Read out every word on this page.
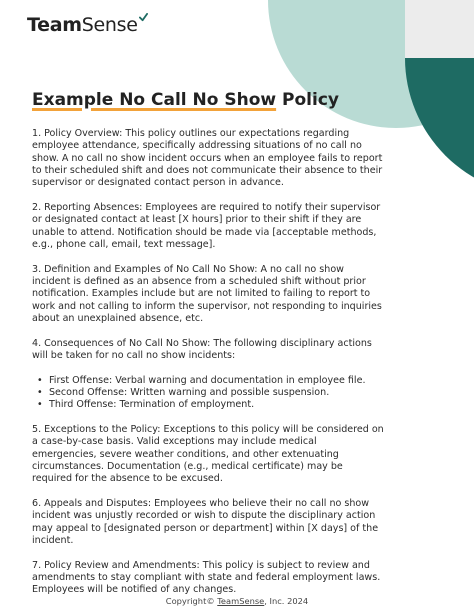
TeamSense
Example No Call No Show Policy

1. Policy Overview: This policy outlines our expectations regarding employee attendance, specifically addressing situations of no call no show. A no call no show incident occurs when an employee fails to report to their scheduled shift and does not communicate their absence to their supervisor or designated contact person in advance.

2. Reporting Absences: Employees are required to notify their supervisor or designated contact at least [X hours] prior to their shift if they are unable to attend. Notification should be made via [acceptable methods, e.g., phone call, email, text message].

3. Definition and Examples of No Call No Show: A no call no show incident is defined as an absence from a scheduled shift without prior notification. Examples include but are not limited to failing to report to work and not calling to inform the supervisor, not responding to inquiries about an unexplained absence, etc.

4. Consequences of No Call No Show: The following disciplinary actions will be taken for no call no show incidents:

• First Offense: Verbal warning and documentation in employee file.
• Second Offense: Written warning and possible suspension.
• Third Offense: Termination of employment.

5. Exceptions to the Policy: Exceptions to this policy will be considered on a case-by-case basis. Valid exceptions may include medical emergencies, severe weather conditions, and other extenuating circumstances. Documentation (e.g., medical certificate) may be required for the absence to be excused.

6. Appeals and Disputes: Employees who believe their no call no show incident was unjustly recorded or wish to dispute the disciplinary action may appeal to [designated person or department] within [X days] of the incident.

7. Policy Review and Amendments: This policy is subject to review and amendments to stay compliant with state and federal employment laws. Employees will be notified of any changes.

Copyright© TeamSense, Inc. 2024
